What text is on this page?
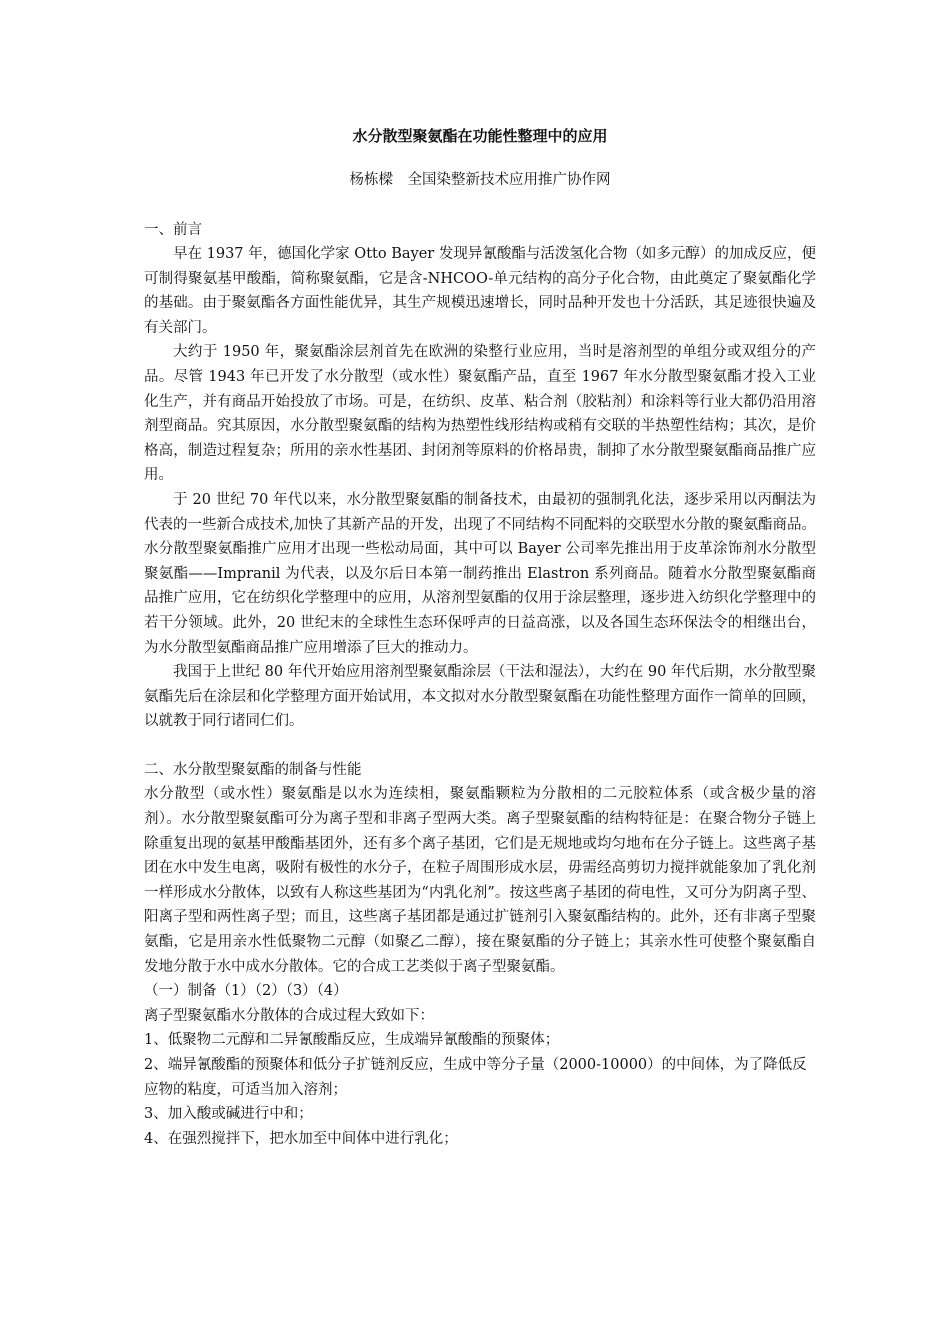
水分散型聚氨酯在功能性整理中的应用
杨栋樑　全国染整新技术应用推广协作网
一、前言

早在 1937 年，德国化学家 Otto Bayer 发现异氰酸酯与活泼氢化合物（如多元醇）的加成反应，便可制得聚氨基甲酸酯，简称聚氨酯，它是含-NHCOO-单元结构的高分子化合物，由此奠定了聚氨酯化学的基础。由于聚氨酯各方面性能优异，其生产规模迅速增长，同时品种开发也十分活跃，其足迹很快遍及有关部门。

大约于 1950 年，聚氨酯涂层剂首先在欧洲的染整行业应用，当时是溶剂型的单组分或双组分的产品。尽管 1943 年已开发了水分散型（或水性）聚氨酯产品，直至 1967 年水分散型聚氨酯才投入工业化生产，并有商品开始投放了市场。可是，在纺织、皮革、粘合剂（胶粘剂）和涂料等行业大都仍沿用溶剂型商品。究其原因，水分散型聚氨酯的结构为热塑性线形结构或稍有交联的半热塑性结构；其次，是价格高，制造过程复杂；所用的亲水性基团、封闭剂等原料的价格昂贵，制抑了水分散型聚氨酯商品推广应用。

于 20 世纪 70 年代以来，水分散型聚氨酯的制备技术，由最初的强制乳化法，逐步采用以丙酮法为代表的一些新合成技术,加快了其新产品的开发，出现了不同结构不同配料的交联型水分散的聚氨酯商品。水分散型聚氨酯推广应用才出现一些松动局面，其中可以 Bayer 公司率先推出用于皮革涂饰剂水分散型聚氨酯——Impranil 为代表，以及尔后日本第一制药推出 Elastron 系列商品。随着水分散型聚氨酯商品推广应用，它在纺织化学整理中的应用，从溶剂型氨酯的仅用于涂层整理，逐步进入纺织化学整理中的若干分领域。此外，20 世纪末的全球性生态环保呼声的日益高涨，以及各国生态环保法令的相继出台，为水分散型氨酯商品推广应用增添了巨大的推动力。

我国于上世纪 80 年代开始应用溶剂型聚氨酯涂层（干法和湿法），大约在 90 年代后期，水分散型聚氨酯先后在涂层和化学整理方面开始试用，本文拟对水分散型聚氨酯在功能性整理方面作一简单的回顾，以就教于同行诸同仁们。

二、水分散型聚氨酯的制备与性能

水分散型（或水性）聚氨酯是以水为连续相，聚氨酯颗粒为分散相的二元胶粒体系（或含极少量的溶剂）。水分散型聚氨酯可分为离子型和非离子型两大类。离子型聚氨酯的结构特征是：在聚合物分子链上除重复出现的氨基甲酸酯基团外，还有多个离子基团，它们是无规地或均匀地布在分子链上。这些离子基团在水中发生电离，吸附有极性的水分子，在粒子周围形成水层，毋需经高剪切力搅拌就能象加了乳化剂一样形成水分散体，以致有人称这些基团为“内乳化剂”。按这些离子基团的荷电性，又可分为阴离子型、阳离子型和两性离子型；而且，这些离子基团都是通过扩链剂引入聚氨酯结构的。此外，还有非离子型聚氨酯，它是用亲水性低聚物二元醇（如聚乙二醇），接在聚氨酯的分子链上；其亲水性可使整个聚氨酯自发地分散于水中成水分散体。它的合成工艺类似于离子型聚氨酯。

（一）制备（1）（2）（3）（4）
离子型聚氨酯水分散体的合成过程大致如下：
1、低聚物二元醇和二异氰酸酯反应，生成端异氰酸酯的预聚体；
2、端异氰酸酯的预聚体和低分子扩链剂反应，生成中等分子量（2000-10000）的中间体，为了降低反应物的粘度，可适当加入溶剂；
3、加入酸或碱进行中和；
4、在强烈搅拌下，把水加至中间体中进行乳化；
